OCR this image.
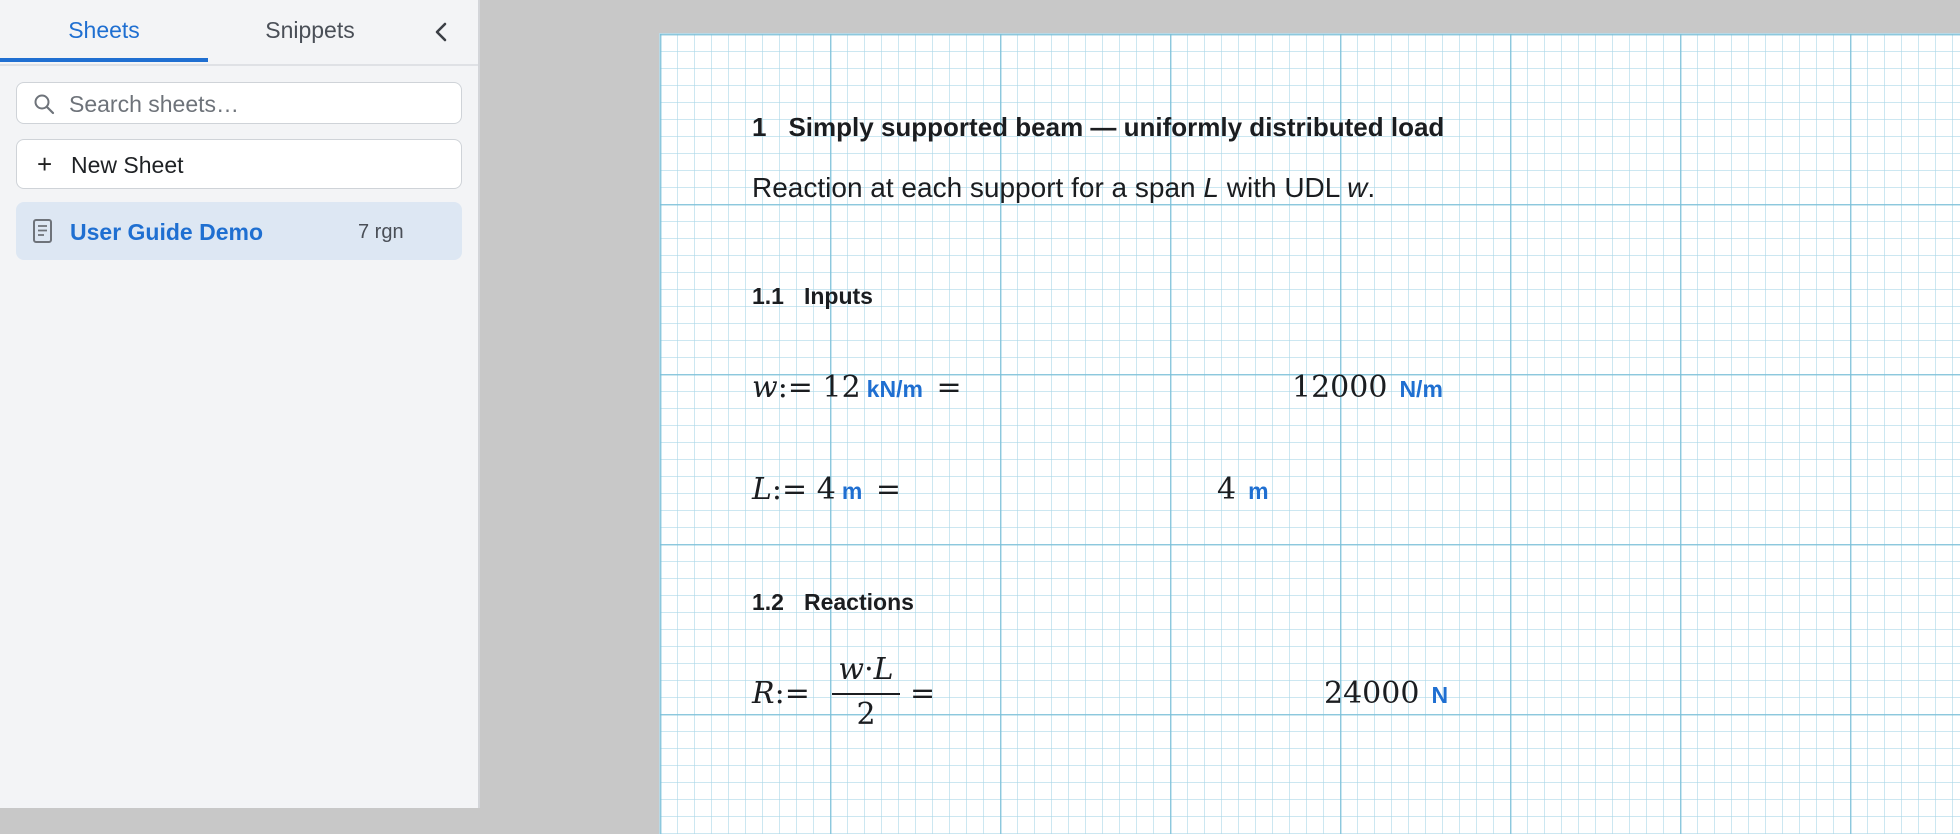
Sheets	Snippets
Search sheets…
+ New Sheet
User Guide Demo	7 rgn
1 Simply supported beam — uniformly distributed load
Reaction at each support for a span L with UDL w.
1.1 Inputs
w:= 12 kN/m =	12000 N/m
L:= 4 m =	4 m
1.2 Reactions
R:=
w·L
2
=	24000 N
